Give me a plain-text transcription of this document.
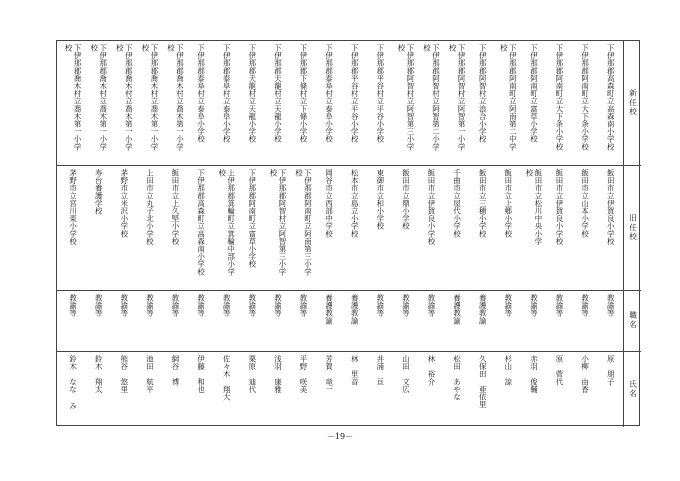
新任校
旧任校
職名
氏名
下伊那郡高森町立高森南小学校
飯田市立伊賀良小学校
教諭等
原　朋子
下伊那郡阿南町立大下条小学校
飯田市立山本小学校
教諭等
小柳　由香
下伊那郡阿南町立大下条小学校
飯田市立伊賀良小学校
教諭等
原　菅代
下伊那郡阿南町立富草小学校
飯田市立松川中央小学
校
教諭等
赤羽　俊輔
下伊那郡阿南町立阿南第二中学
校
飯田市立上郷小学校
教諭等
杉山　諒
下伊那郡阿智村立浪合小学校
飯田市立三穂小学校
養護教諭
久保田　亜依里
下伊那郡阿智村立阿智第一小学
校
千曲市立屋代小学校
養護教諭
松田　あやな
下伊那郡阿智村立阿智第二小学
校
飯田市立伊賀良小学校
教諭等
林　裕介
下伊那郡阿智村立阿智第三小学
校
飯田市立鼎小学校
教諭等
山田　文広
下伊那郡平谷村立平谷小学校
東御市立和小学校
教諭等
井浦　亘
下伊那郡平谷村立平谷小学校
松本市立島立小学校
養護教諭
林　里音
下伊那郡泰阜村立泰阜小学校
岡谷市立西部中学校
養護教諭
芳賀　竜一
下伊那郡下條村立下條小学校
下伊那郡阿南町立阿南第三小学
校
教諭等
平野　咲美
下伊那郡天龍村立天龍小学校
下伊那郡阿智村立阿智第三小学
校
教諭等
浅羽　康雅
下伊那郡天龍村立天龍小学校
下伊那郡阿南町立富草小学校
教諭等
栗原　迪代
下伊那郡泰阜村立泰阜小学校
上伊那郡箕輪町立箕輪中部小学
校
教諭等
佐々木　翔大
下伊那郡泰阜村立泰阜小学校
下伊那郡高森町立高森南小学校
教諭等
伊藤　和也
下伊那郡喬木村立喬木第一小学
校
飯田市立上久堅小学校
教諭等
網谷　博
下伊那郡喬木村立喬木第一小学
校
上田市立丸子北小学校
教諭等
池田　航平
下伊那郡喬木村立喬木第一小学
校
茅野市立米沢小学校
教諭等
熊谷　悠里
下伊那郡喬木村立喬木第一小学
校
寿台養護学校
教諭等
鈴木　翔太
下伊那郡喬木村立喬木第一小学
校
茅野市立宮川東小学校
教諭等
鈴木　なな み
－19－
